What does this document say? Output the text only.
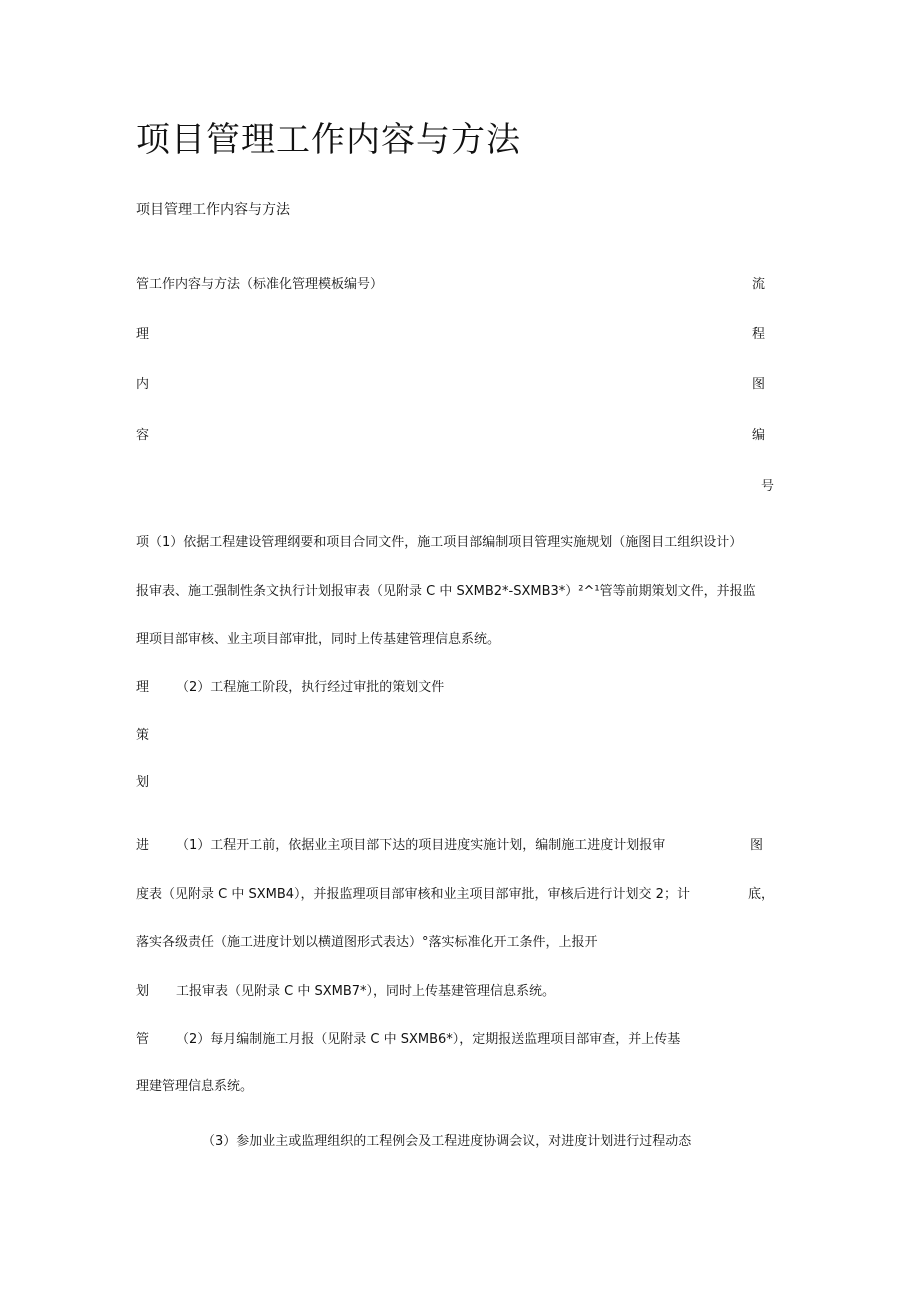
项目管理工作内容与方法
项目管理工作内容与方法
管工作内容与方法（标准化管理模板编号）
理
内
容
流
程
图
编
号
项（1）依据工程建设管理纲要和项目合同文件，施工项目部编制项目管理实施规划（施图目工组织设计）
报审表、施工强制性条文执行计划报审表（见附录 C 中 SXMB2*-SXMB3*）²^¹管等前期策划文件，并报监
理项目部审核、业主项目部审批，同时上传基建管理信息系统。
理 （2）工程施工阶段，执行经过审批的策划文件
策
划
进 （1）工程开工前，依据业主项目部下达的项目进度实施计划，编制施工进度计划报审	图
度表（见附录 C 中 SXMB4），并报监理项目部审核和业主项目部审批，审核后进行计划交 2；计	底，
落实各级责任（施工进度计划以横道图形式表达）°落实标准化开工条件，上报开
划 工报审表（见附录 C 中 SXMB7*），同时上传基建管理信息系统。
管 （2）每月编制施工月报（见附录 C 中 SXMB6*），定期报送监理项目部审查，并上传基
理建管理信息系统。
（3）参加业主或监理组织的工程例会及工程进度协调会议，对进度计划进行过程动态
